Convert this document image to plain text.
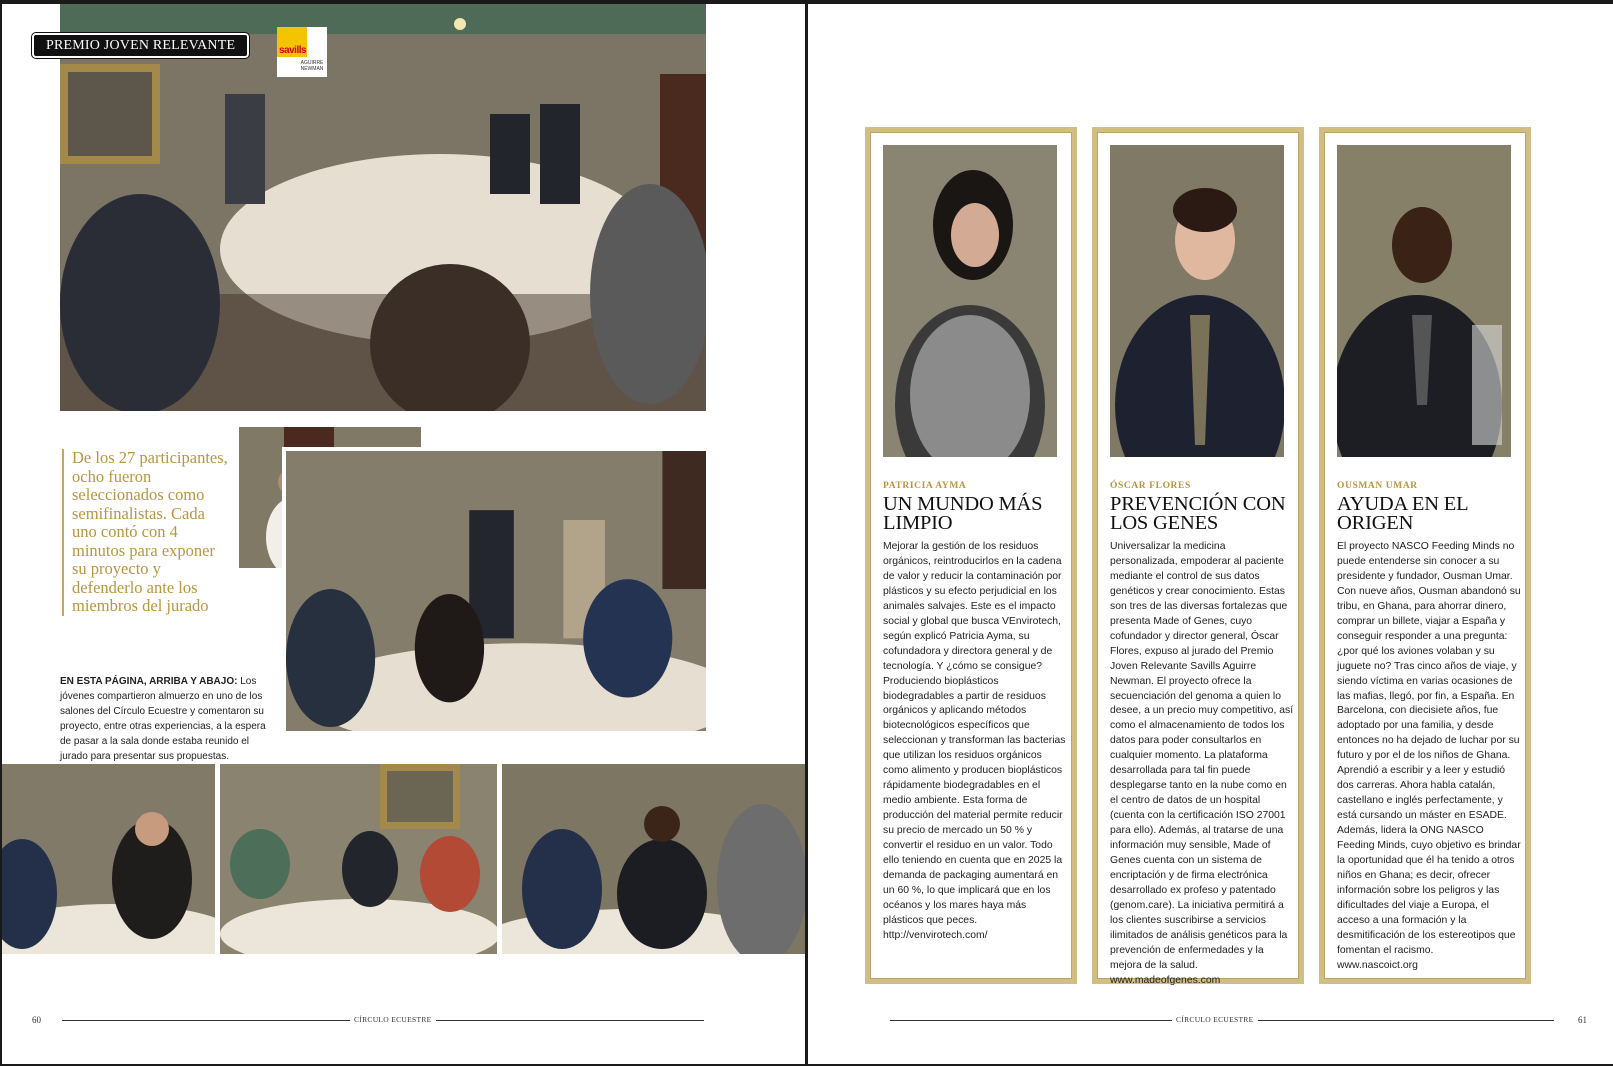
PREMIO JOVEN RELEVANTE	savills
AGUIRRE NEWMAN
De los 27 participantes, ocho fueron seleccionados como semifinalistas. Cada uno contó con 4 minutos para exponer su proyecto y defenderlo ante los miembros del jurado
EN ESTA PÁGINA, ARRIBA Y ABAJO: Los jóvenes compartieron almuerzo en uno de los salones del Círculo Ecuestre y comentaron su proyecto, entre otras experiencias, a la espera de pasar a la sala donde estaba reunido el jurado para presentar sus propuestas.
60	CÍRCULO ECUESTRE
PATRICIA AYMA
UN MUNDO MÁS LIMPIO
Mejorar la gestión de los residuos orgánicos, reintroducirlos en la cadena de valor y reducir la contaminación por plásticos y su efecto perjudicial en los animales salvajes. Este es el impacto social y global que busca VEnvirotech, según explicó Patricia Ayma, su cofundadora y directora general y de tecnología. Y ¿cómo se consigue? Produciendo bioplásticos biodegradables a partir de residuos orgánicos y aplicando métodos biotecnológicos específicos que seleccionan y transforman las bacterias que utilizan los residuos orgánicos como alimento y producen bioplásticos rápidamente biodegradables en el medio ambiente. Esta forma de producción del material permite reducir su precio de mercado un 50 % y convertir el residuo en un valor. Todo ello teniendo en cuenta que en 2025 la demanda de packaging aumentará en un 60 %, lo que implicará que en los océanos y los mares haya más plásticos que peces.
http://venvirotech.com/
ÓSCAR FLORES
PREVENCIÓN CON LOS GENES
Universalizar la medicina personalizada, empoderar al paciente mediante el control de sus datos genéticos y crear conocimiento. Estas son tres de las diversas fortalezas que presenta Made of Genes, cuyo cofundador y director general, Óscar Flores, expuso al jurado del Premio Joven Relevante Savills Aguirre Newman. El proyecto ofrece la secuenciación del genoma a quien lo desee, a un precio muy competitivo, así como el almacenamiento de todos los datos para poder consultarlos en cualquier momento. La plataforma desarrollada para tal fin puede desplegarse tanto en la nube como en el centro de datos de un hospital (cuenta con la certificación ISO 27001 para ello). Además, al tratarse de una información muy sensible, Made of Genes cuenta con un sistema de encriptación y de firma electrónica desarrollado ex profeso y patentado (genom.care). La iniciativa permitirá a los clientes suscribirse a servicios ilimitados de análisis genéticos para la prevención de enfermedades y la mejora de la salud.
www.madeofgenes.com
OUSMAN UMAR
AYUDA EN EL ORIGEN
El proyecto NASCO Feeding Minds no puede entenderse sin conocer a su presidente y fundador, Ousman Umar. Con nueve años, Ousman abandonó su tribu, en Ghana, para ahorrar dinero, comprar un billete, viajar a España y conseguir responder a una pregunta: ¿por qué los aviones volaban y su juguete no? Tras cinco años de viaje, y siendo víctima en varias ocasiones de las mafias, llegó, por fin, a España. En Barcelona, con diecisiete años, fue adoptado por una familia, y desde entonces no ha dejado de luchar por su futuro y por el de los niños de Ghana. Aprendió a escribir y a leer y estudió dos carreras. Ahora habla catalán, castellano e inglés perfectamente, y está cursando un máster en ESADE. Además, lidera la ONG NASCO Feeding Minds, cuyo objetivo es brindar la oportunidad que él ha tenido a otros niños en Ghana; es decir, ofrecer información sobre los peligros y las dificultades del viaje a Europa, el acceso a una formación y la desmitificación de los estereotipos que fomentan el racismo.
www.nascoict.org
CÍRCULO ECUESTRE	61
